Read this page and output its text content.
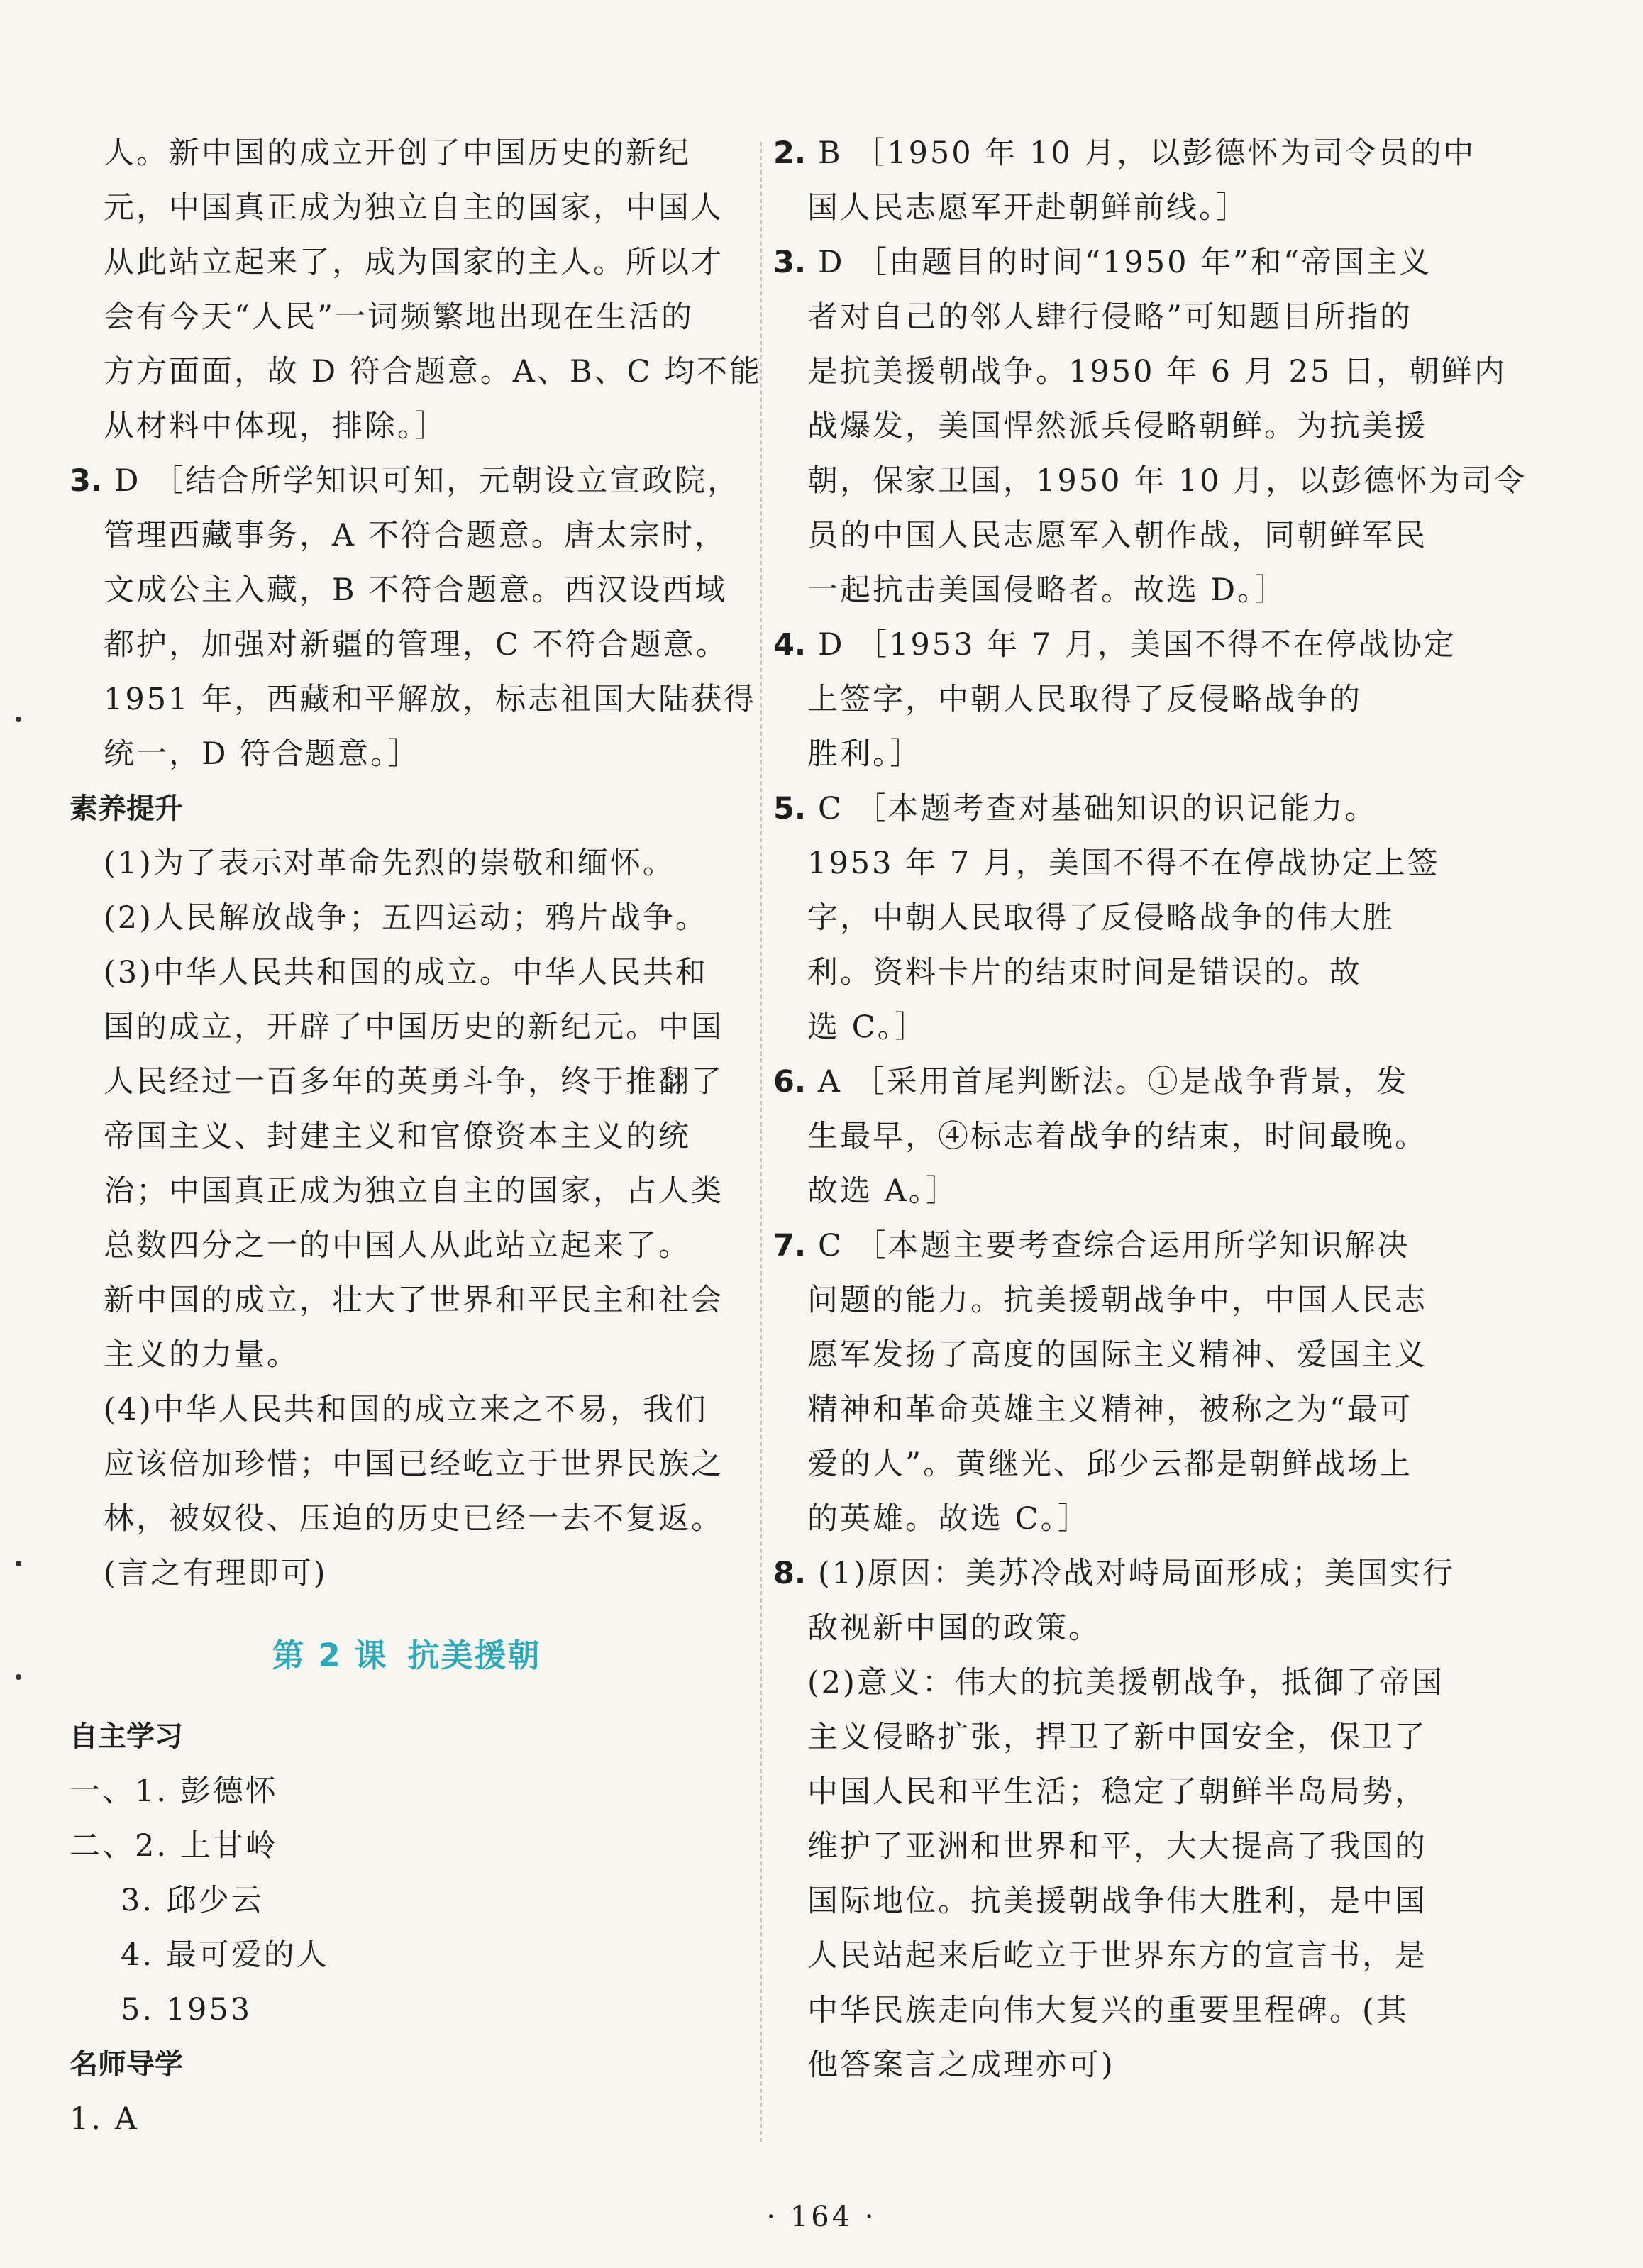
人。新中国的成立开创了中国历史的新纪

元，中国真正成为独立自主的国家，中国人

从此站立起来了，成为国家的主人。所以才

会有今天“人民”一词频繁地出现在生活的

方方面面，故 D 符合题意。A、B、C 均不能

从材料中体现，排除。］

3. D ［结合所学知识可知，元朝设立宣政院，

管理西藏事务，A 不符合题意。唐太宗时，

文成公主入藏，B 不符合题意。西汉设西域

都护，加强对新疆的管理，C 不符合题意。

1951 年，西藏和平解放，标志祖国大陆获得

统一，D 符合题意。］

素养提升

(1)为了表示对革命先烈的崇敬和缅怀。

(2)人民解放战争；五四运动；鸦片战争。

(3)中华人民共和国的成立。中华人民共和

国的成立，开辟了中国历史的新纪元。中国

人民经过一百多年的英勇斗争，终于推翻了

帝国主义、封建主义和官僚资本主义的统

治；中国真正成为独立自主的国家，占人类

总数四分之一的中国人从此站立起来了。

新中国的成立，壮大了世界和平民主和社会

主义的力量。

(4)中华人民共和国的成立来之不易，我们

应该倍加珍惜；中国已经屹立于世界民族之

林，被奴役、压迫的历史已经一去不复返。

(言之有理即可)

第 2 课 抗美援朝

自主学习

一、1. 彭德怀

二、2. 上甘岭

3. 邱少云

4. 最可爱的人

5. 1953

名师导学

1. A

2. B ［1950 年 10 月，以彭德怀为司令员的中

国人民志愿军开赴朝鲜前线。］

3. D ［由题目的时间“1950 年”和“帝国主义

者对自己的邻人肆行侵略”可知题目所指的

是抗美援朝战争。1950 年 6 月 25 日，朝鲜内

战爆发，美国悍然派兵侵略朝鲜。为抗美援

朝，保家卫国，1950 年 10 月，以彭德怀为司令

员的中国人民志愿军入朝作战，同朝鲜军民

一起抗击美国侵略者。故选 D。］

4. D ［1953 年 7 月，美国不得不在停战协定

上签字，中朝人民取得了反侵略战争的

胜利。］

5. C ［本题考查对基础知识的识记能力。

1953 年 7 月，美国不得不在停战协定上签

字，中朝人民取得了反侵略战争的伟大胜

利。资料卡片的结束时间是错误的。故

选 C。］

6. A ［采用首尾判断法。①是战争背景，发

生最早，④标志着战争的结束，时间最晚。

故选 A。］

7. C ［本题主要考查综合运用所学知识解决

问题的能力。抗美援朝战争中，中国人民志

愿军发扬了高度的国际主义精神、爱国主义

精神和革命英雄主义精神，被称之为“最可

爱的人”。黄继光、邱少云都是朝鲜战场上

的英雄。故选 C。］

8. (1)原因：美苏冷战对峙局面形成；美国实行

敌视新中国的政策。

(2)意义：伟大的抗美援朝战争，抵御了帝国

主义侵略扩张，捍卫了新中国安全，保卫了

中国人民和平生活；稳定了朝鲜半岛局势，

维护了亚洲和世界和平，大大提高了我国的

国际地位。抗美援朝战争伟大胜利，是中国

人民站起来后屹立于世界东方的宣言书，是

中华民族走向伟大复兴的重要里程碑。(其

他答案言之成理亦可)

· 164 ·
